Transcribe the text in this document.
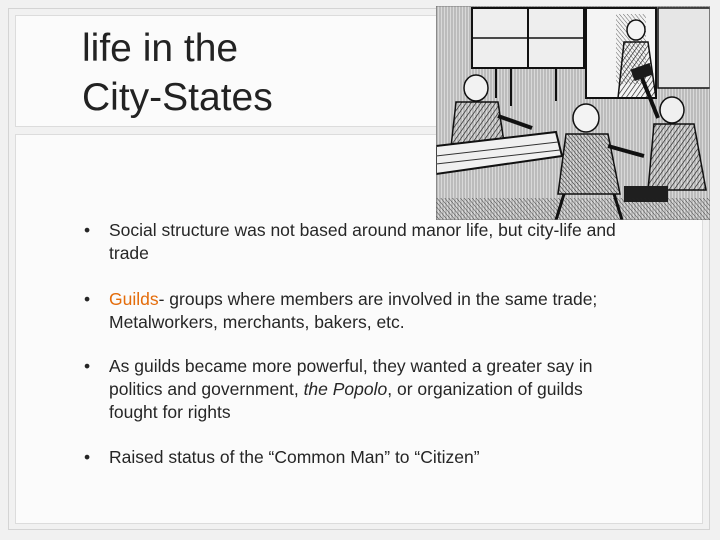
life in the
City-States
• Social structure was not based around manor life, but city-life and trade
• Guilds- groups where members are involved in the same trade; Metalworkers, merchants, bakers, etc.
• As guilds became more powerful, they wanted a greater say in politics and government, the Popolo, or organization of guilds fought for rights
• Raised status of the “Common Man” to “Citizen”
